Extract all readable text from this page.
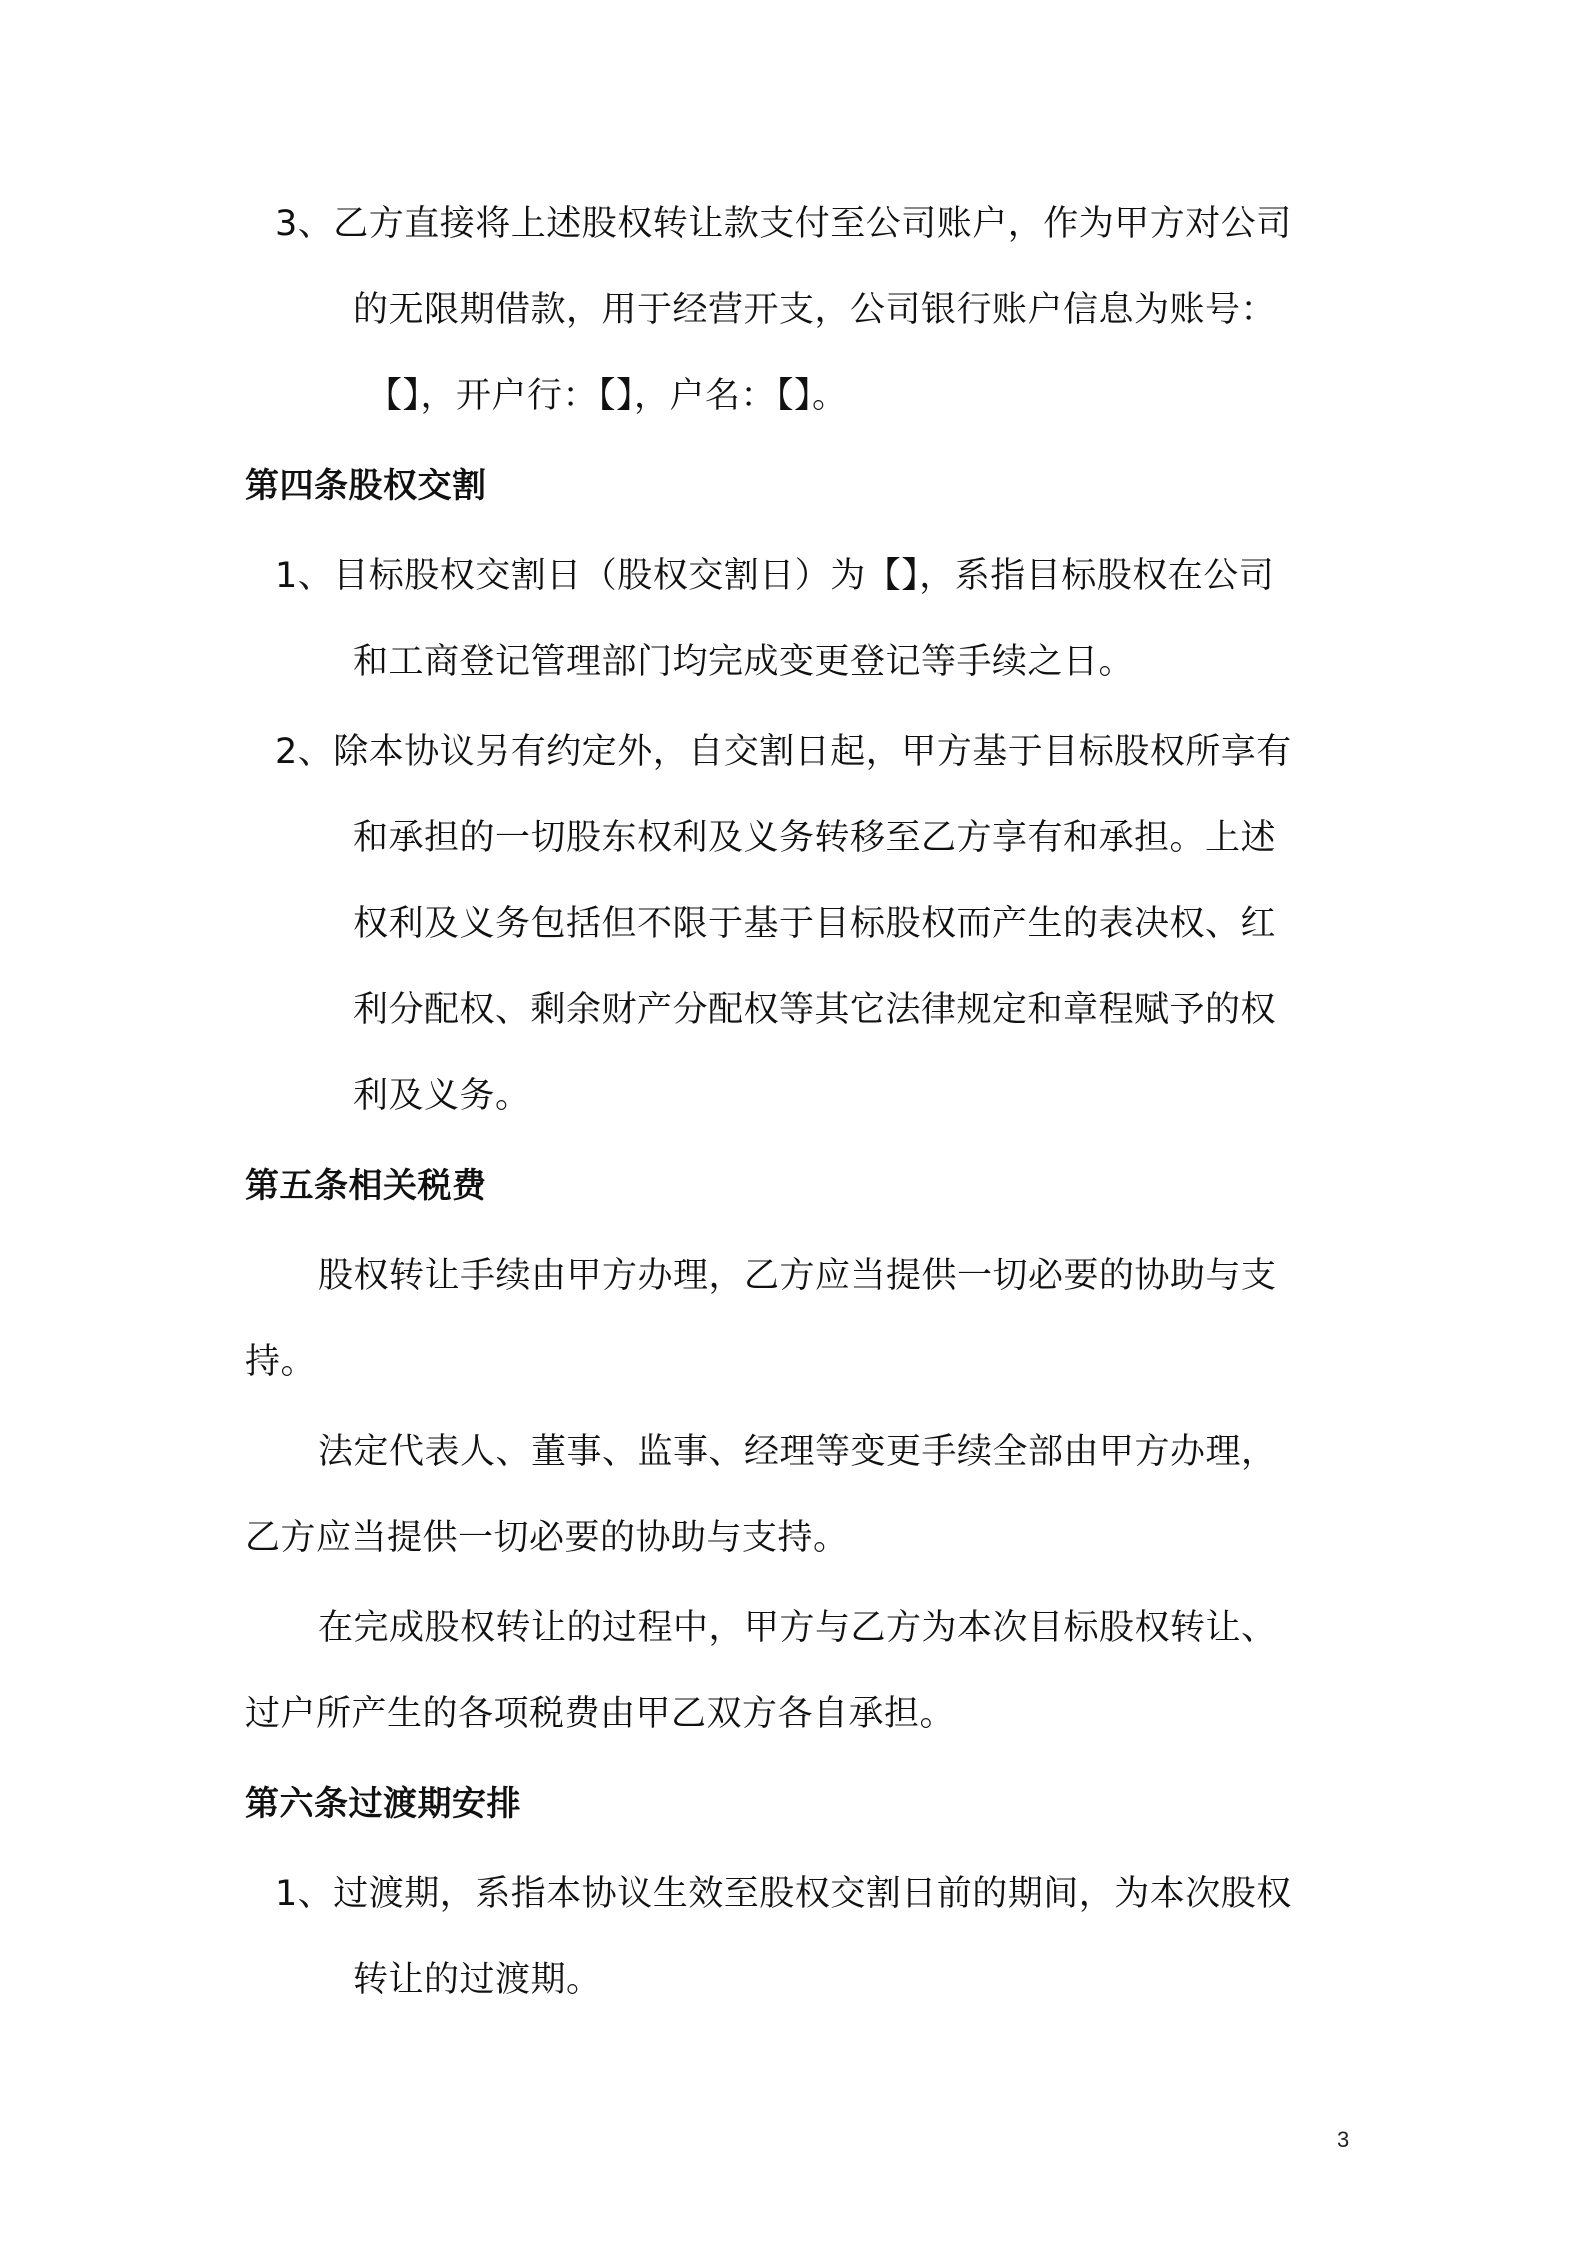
3、乙方直接将上述股权转让款支付至公司账户，作为甲方对公司
的无限期借款，用于经营开支，公司银行账户信息为账号：
【】，开户行：【】，户名：【】。
第四条股权交割
1、目标股权交割日（股权交割日）为【】，系指目标股权在公司
和工商登记管理部门均完成变更登记等手续之日。
2、除本协议另有约定外，自交割日起，甲方基于目标股权所享有
和承担的一切股东权利及义务转移至乙方享有和承担。上述
权利及义务包括但不限于基于目标股权而产生的表决权、红
利分配权、剩余财产分配权等其它法律规定和章程赋予的权
利及义务。
第五条相关税费
股权转让手续由甲方办理，乙方应当提供一切必要的协助与支
持。
法定代表人、董事、监事、经理等变更手续全部由甲方办理，
乙方应当提供一切必要的协助与支持。
在完成股权转让的过程中，甲方与乙方为本次目标股权转让、
过户所产生的各项税费由甲乙双方各自承担。
第六条过渡期安排
1、过渡期，系指本协议生效至股权交割日前的期间，为本次股权
转让的过渡期。
3
